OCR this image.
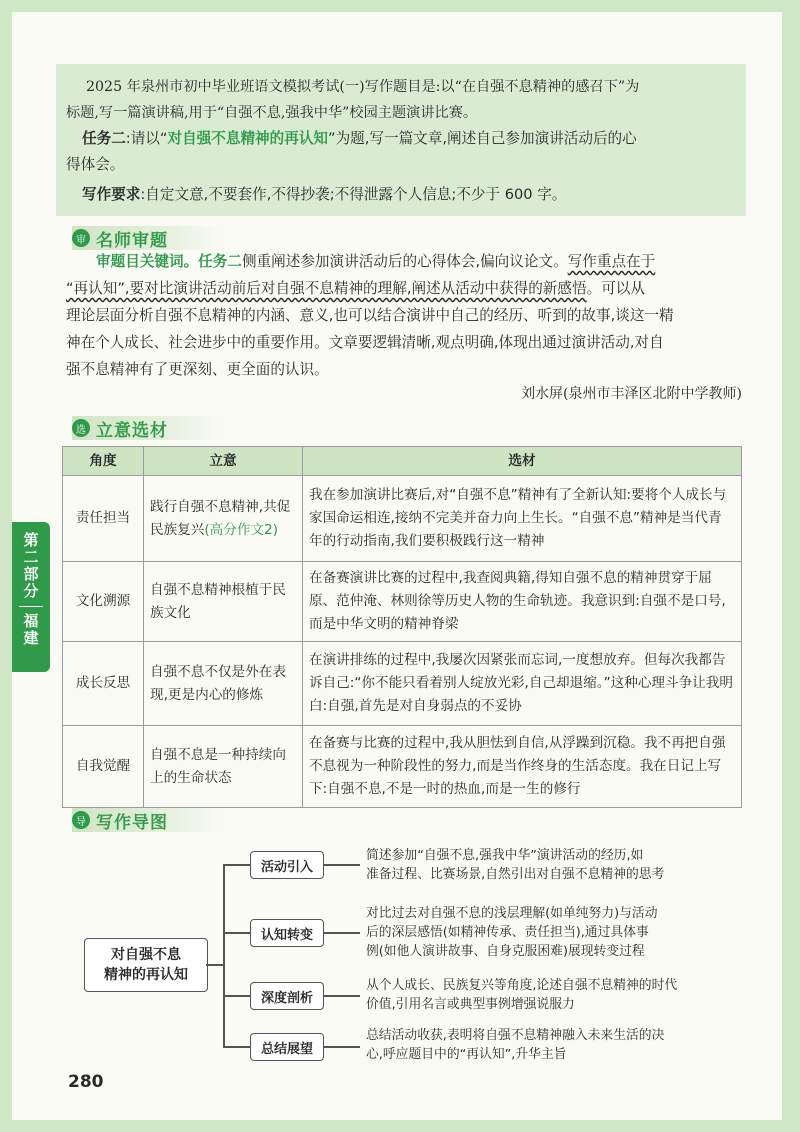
2025 年泉州市初中毕业班语文模拟考试(一)写作题目是:以“在自强不息精神的感召下”为

标题,写一篇演讲稿,用于“自强不息,强我中华”校园主题演讲比赛。

任务二:请以“对自强不息精神的再认知”为题,写一篇文章,阐述自己参加演讲活动后的心

得体会。

写作要求:自定文意,不要套作,不得抄袭;不得泄露个人信息;不少于 600 字。

审 名师审题
审题目关键词。任务二侧重阐述参加演讲活动后的心得体会,偏向议论文。写作重点在于
“再认知”,要对比演讲活动前后对自强不息精神的理解,阐述从活动中获得的新感悟。可以从
理论层面分析自强不息精神的内涵、意义,也可以结合演讲中自己的经历、听到的故事,谈这一精
神在个人成长、社会进步中的重要作用。文章要逻辑清晰,观点明确,体现出通过演讲活动,对自
强不息精神有了更深刻、更全面的认识。
刘水屏(泉州市丰泽区北附中学教师)
选 立意选材
角度	立意	选材
责任担当	践行自强不息精神,共促民族复兴(高分作文2)	我在参加演讲比赛后,对“自强不息”精神有了全新认知:要将个人成长与家国命运相连,接纳不完美并奋力向上生长。“自强不息”精神是当代青年的行动指南,我们要积极践行这一精神
文化溯源	自强不息精神根植于民族文化	在备赛演讲比赛的过程中,我查阅典籍,得知自强不息的精神贯穿于屈原、范仲淹、林则徐等历史人物的生命轨迹。我意识到:自强不是口号,而是中华文明的精神脊梁
成长反思	自强不息不仅是外在表现,更是内心的修炼	在演讲排练的过程中,我屡次因紧张而忘词,一度想放弃。但每次我都告诉自己:“你不能只看着别人绽放光彩,自己却退缩。”这种心理斗争让我明白:自强,首先是对自身弱点的不妥协
自我觉醒	自强不息是一种持续向上的生命状态	在备赛与比赛的过程中,我从胆怯到自信,从浮躁到沉稳。我不再把自强不息视为一种阶段性的努力,而是当作终身的生活态度。我在日记上写下:自强不息,不是一时的热血,而是一生的修行
第二部分
福建
导 写作导图
对自强不息
精神的再认知
活动引入
认知转变
深度剖析
总结展望
简述参加“自强不息,强我中华”演讲活动的经历,如
准备过程、比赛场景,自然引出对自强不息精神的思考
对比过去对自强不息的浅层理解(如单纯努力)与活动
后的深层感悟(如精神传承、责任担当),通过具体事
例(如他人演讲故事、自身克服困难)展现转变过程
从个人成长、民族复兴等角度,论述自强不息精神的时代
价值,引用名言或典型事例增强说服力
总结活动收获,表明将自强不息精神融入未来生活的决
心,呼应题目中的“再认知”,升华主旨
280
